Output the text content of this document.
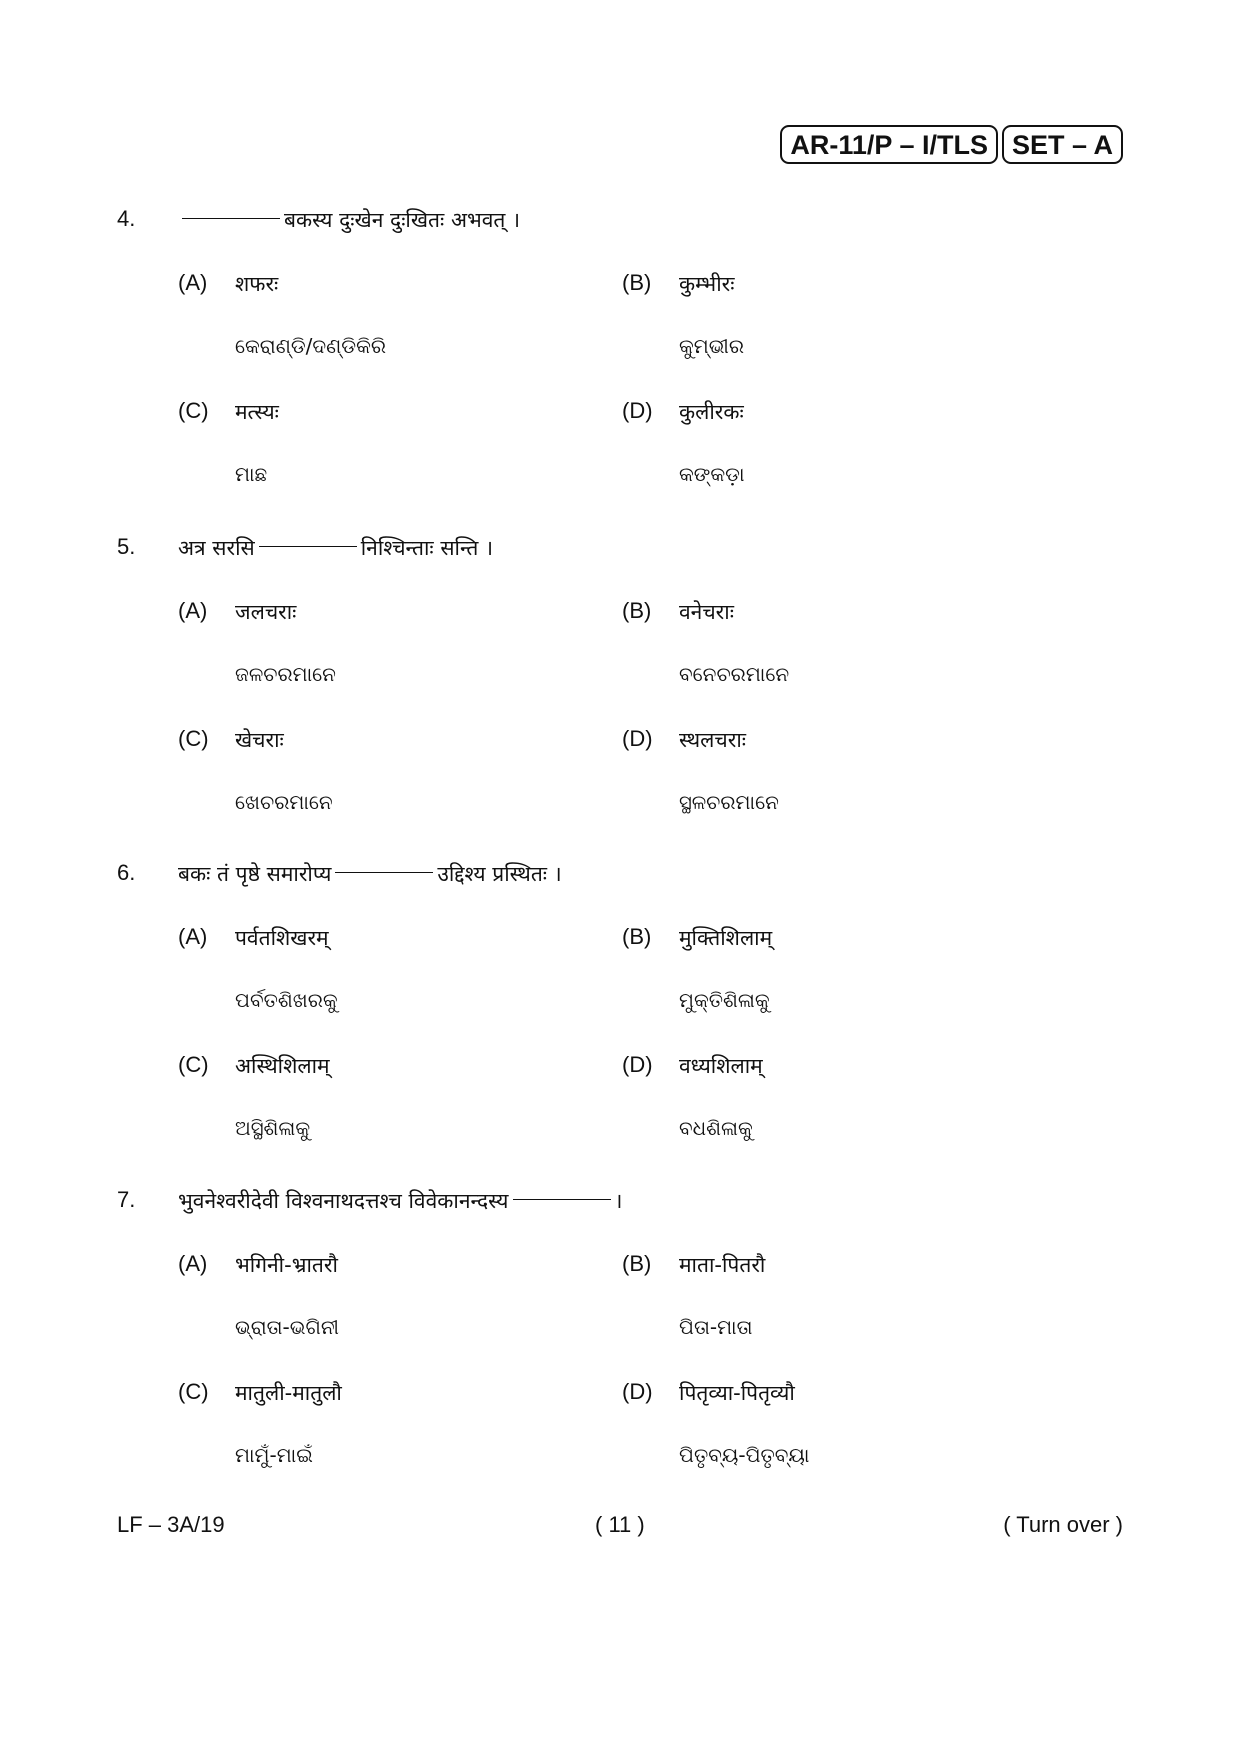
AR-11/P – I/TLS SET – A
4.	बकस्य दुःखेन दुःखितः अभवत् ।
(A) शफरः
କେରାଣ୍ଡି/ଦଣ୍ଡିକିରି
(B) कुम्भीरः
କୁମ୍ଭୀର
(C) मत्स्यः
ମାଛ
(D) कुलीरकः
କଙ୍କଡ଼ା
5. अत्र सरसि	निश्चिन्ताः सन्ति ।
(A) जलचराः
ଜଳଚରମାନେ
(B) वनेचराः
ବନେଚରମାନେ
(C) खेचराः
ଖେଚରମାନେ
(D) स्थलचराः
ସ୍ଥଳଚରମାନେ
6. बकः तं पृष्ठे समारोप्य	उद्दिश्य प्रस्थितः ।
(A) पर्वतशिखरम्
ପର୍ବତଶିଖରକୁ
(B) मुक्तिशिलाम्
ମୁକ୍ତିଶିଳାକୁ
(C) अस्थिशिलाम्
ଅସ୍ଥିଶିଳାକୁ
(D) वध्यशिलाम्
ବଧଶିଳାକୁ
7. भुवनेश्वरीदेवी विश्वनाथदत्तश्च विवेकानन्दस्य	।
(A) भगिनी-भ्रातरौ
ଭ୍ରାତା-ଭଗିନୀ
(B) माता-पितरौ
ପିତା-ମାତା
(C) मातुली-मातुलौ
ମାମୁଁ-ମାଇଁ
(D) पितृव्या-पितृव्यौ
ପିତୃବ୍ୟ-ପିତୃବ୍ୟା
LF – 3A/19	( 11 )	( Turn over )
